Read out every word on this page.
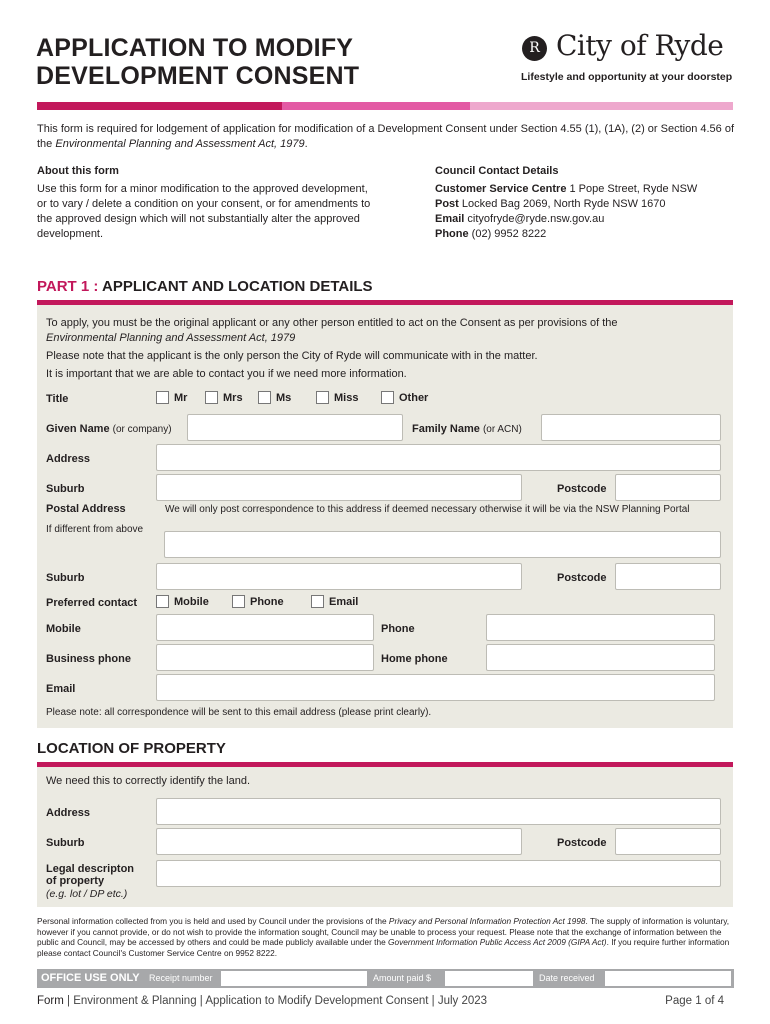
APPLICATION TO MODIFY
DEVELOPMENT CONSENT
R City of Ryde
Lifestyle and opportunity at your doorstep
This form is required for lodgement of application for modification of a Development Consent under Section 4.55 (1), (1A), (2) or Section 4.56 of the Environmental Planning and Assessment Act, 1979.
About this form
Use this form for a minor modification to the approved development, or to vary / delete a condition on your consent, or for amendments to the approved design which will not substantially alter the approved development.
Council Contact Details
Customer Service Centre 1 Pope Street, Ryde NSW
Post Locked Bag 2069, North Ryde NSW 1670
Email cityofryde@ryde.nsw.gov.au
Phone (02) 9952 8222
PART 1 : APPLICANT AND LOCATION DETAILS
To apply, you must be the original applicant or any other person entitled to act on the Consent as per provisions of the
Environmental Planning and Assessment Act, 1979
Please note that the applicant is the only person the City of Ryde will communicate with in the matter.
It is important that we are able to contact you if we need more information.
Title	Mr	Mrs	Ms	Miss	Other
Given Name (or company)	Family Name (or ACN)
Address
Suburb	Postcode
Postal Address
If different from above
We will only post correspondence to this address if deemed necessary otherwise it will be via the NSW Planning Portal
Suburb	Postcode
Preferred contact	Mobile	Phone	Email
Mobile	Phone
Business phone	Home phone
Email
Please note: all correspondence will be sent to this email address (please print clearly).
LOCATION OF PROPERTY
We need this to correctly identify the land.
Address
Suburb	Postcode
Legal descripton
of property
(e.g. lot / DP etc.)
Personal information collected from you is held and used by Council under the provisions of the Privacy and Personal Information Protection Act 1998. The supply of information is voluntary, however if you cannot provide, or do not wish to provide the information sought, Council may be unable to process your request. Please note that the exchange of information between the public and Council, may be accessed by others and could be made publicly available under the Government Information Public Access Act 2009 (GIPA Act). If you require further information please contact Council's Customer Service Centre on 9952 8222.
OFFICE USE ONLY Receipt number	Amount paid $	Date received
Form | Environment & Planning | Application to Modify Development Consent | July 2023	Page 1 of 4
